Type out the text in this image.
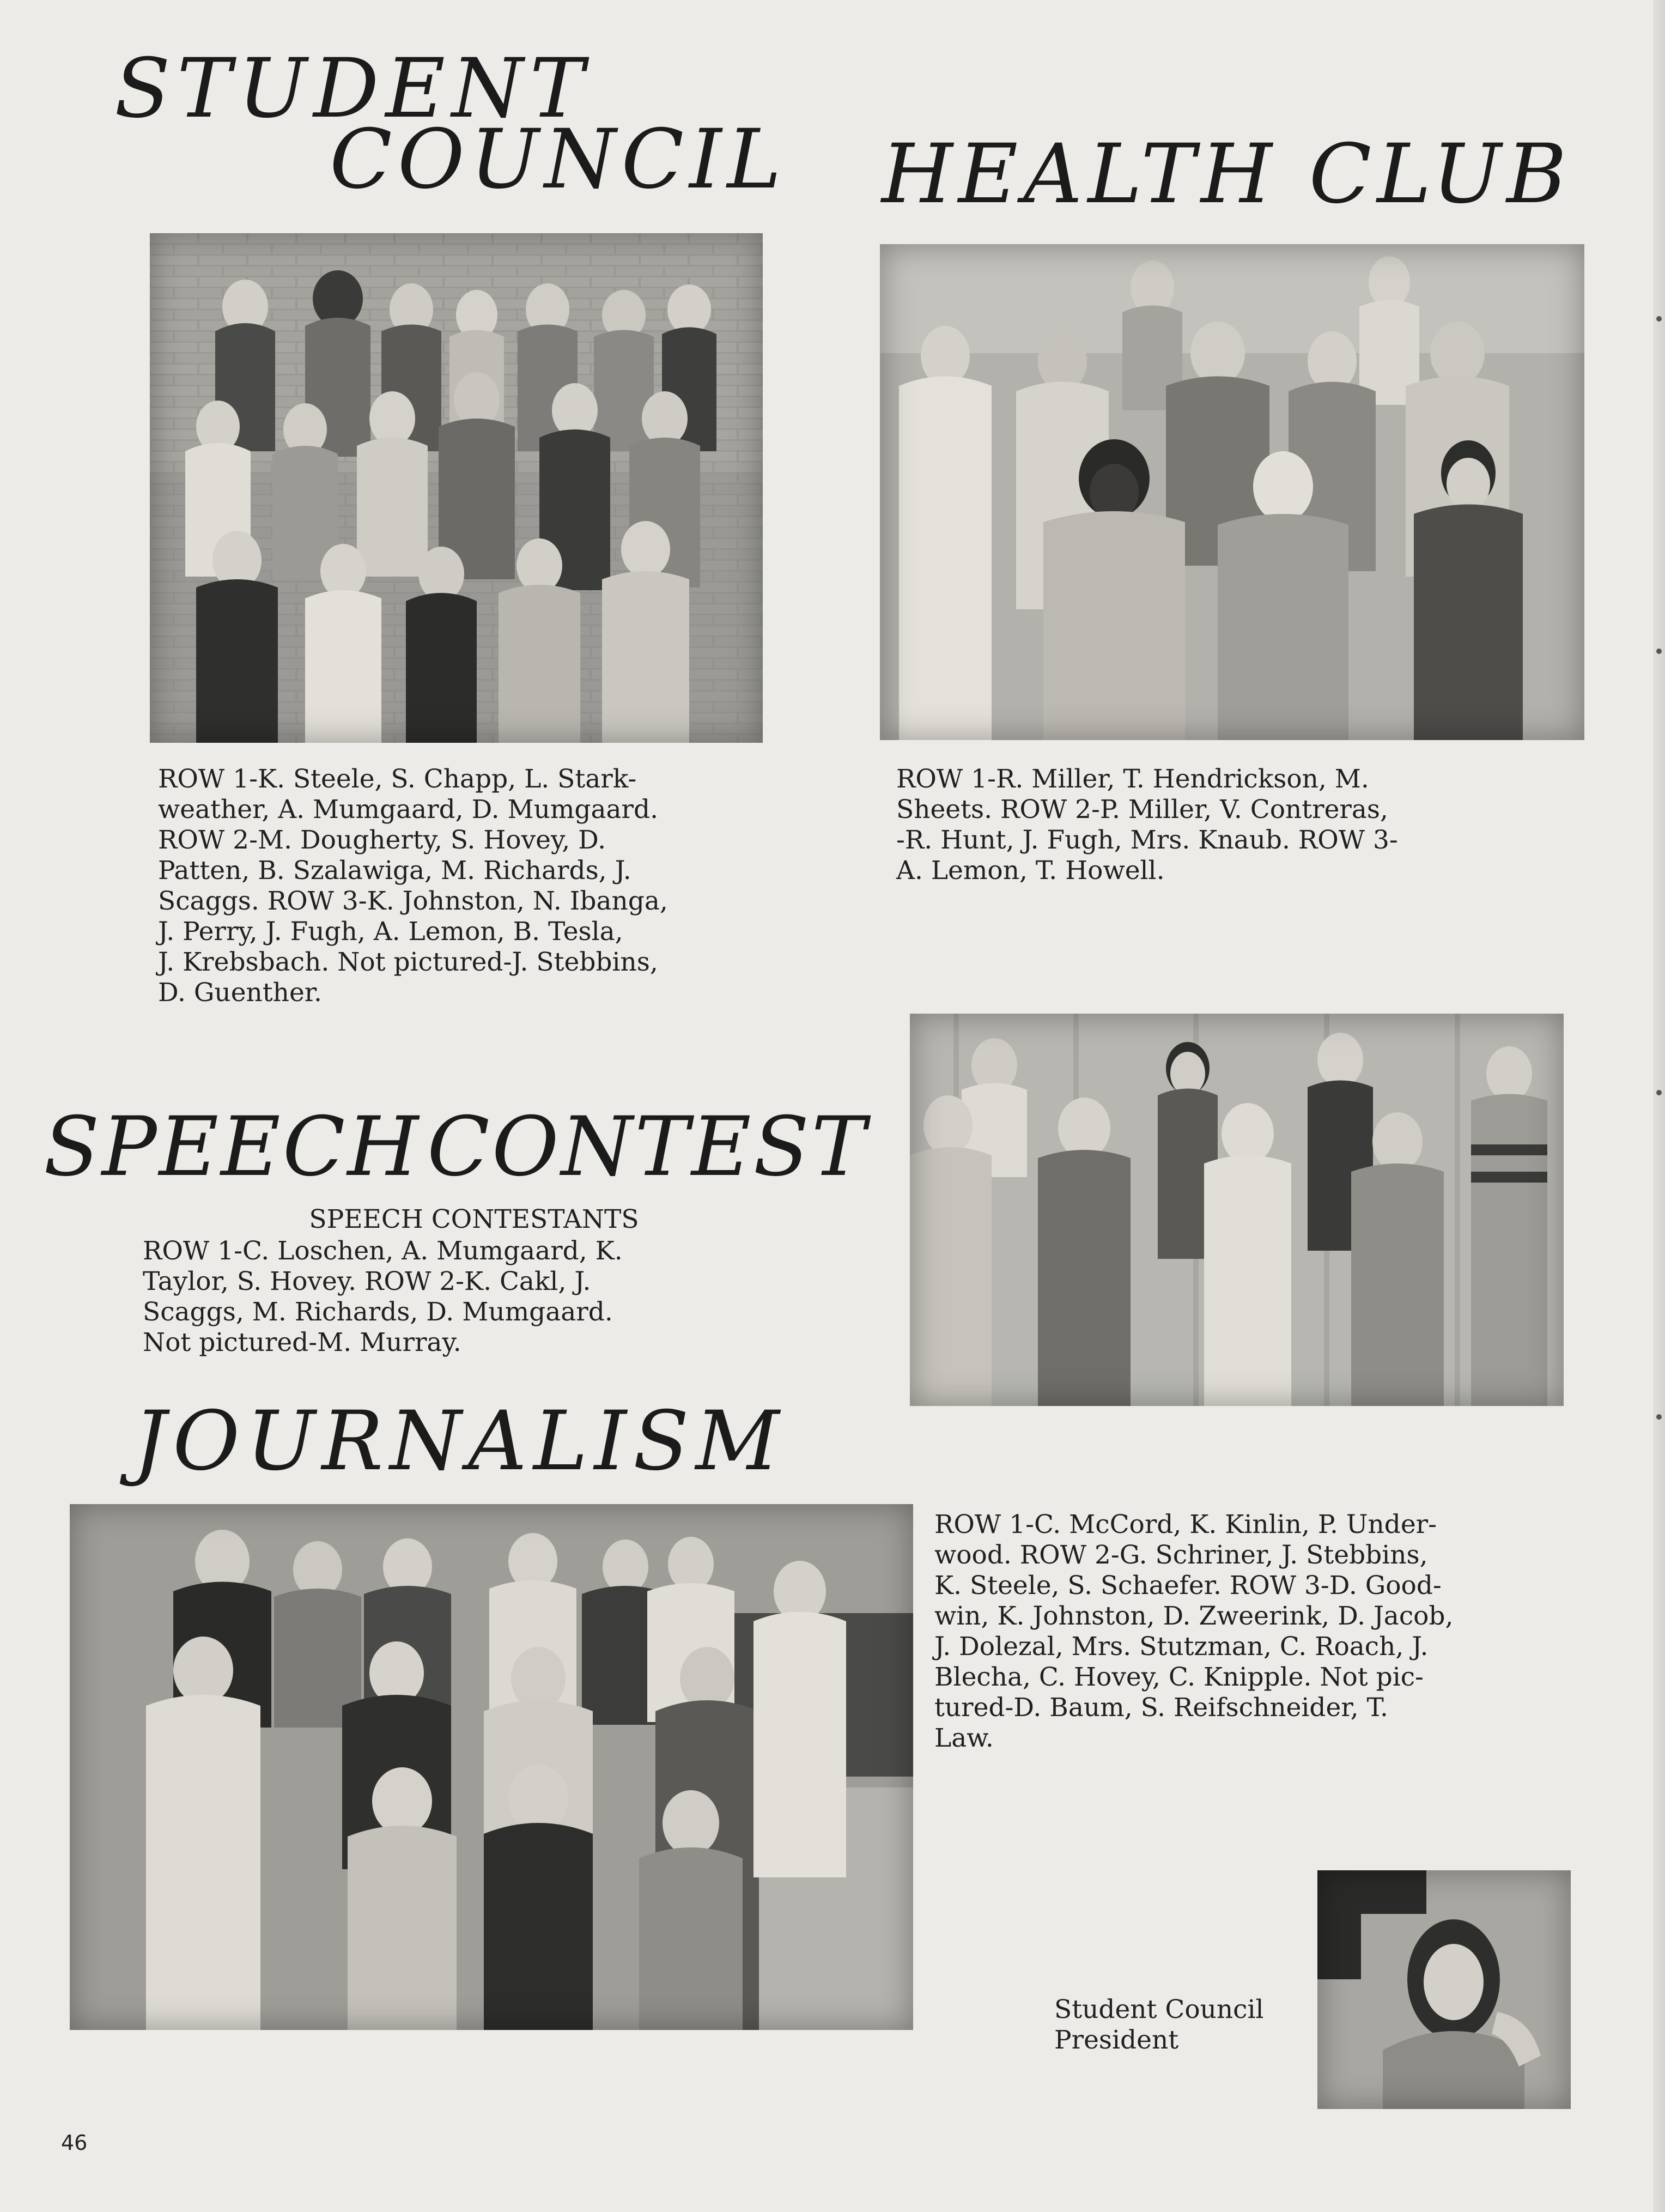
STUDENT
COUNCIL

ROW 1-K. Steele, S. Chapp, L. Stark-
weather, A. Mumgaard, D. Mumgaard.
ROW 2-M. Dougherty, S. Hovey, D.
Patten, B. Szalawiga, M. Richards, J.
Scaggs. ROW 3-K. Johnston, N. Ibanga,
J. Perry, J. Fugh, A. Lemon, B. Tesla,
J. Krebsbach. Not pictured-J. Stebbins,
D. Guenther.

HEALTH CLUB

ROW 1-R. Miller, T. Hendrickson, M.
Sheets. ROW 2-P. Miller, V. Contreras,
-R. Hunt, J. Fugh, Mrs. Knaub. ROW 3-
A. Lemon, T. Howell.

SPEECH CONTEST

SPEECH CONTESTANTS

ROW 1-C. Loschen, A. Mumgaard, K.
Taylor, S. Hovey. ROW 2-K. Cakl, J.
Scaggs, M. Richards, D. Mumgaard.
Not pictured-M. Murray.

JOURNALISM

ROW 1-C. McCord, K. Kinlin, P. Under-
wood. ROW 2-G. Schriner, J. Stebbins,
K. Steele, S. Schaefer. ROW 3-D. Good-
win, K. Johnston, D. Zweerink, D. Jacob,
J. Dolezal, Mrs. Stutzman, C. Roach, J.
Blecha, C. Hovey, C. Knipple. Not pic-
tured-D. Baum, S. Reifschneider, T.
Law.

Student Council
President

46
